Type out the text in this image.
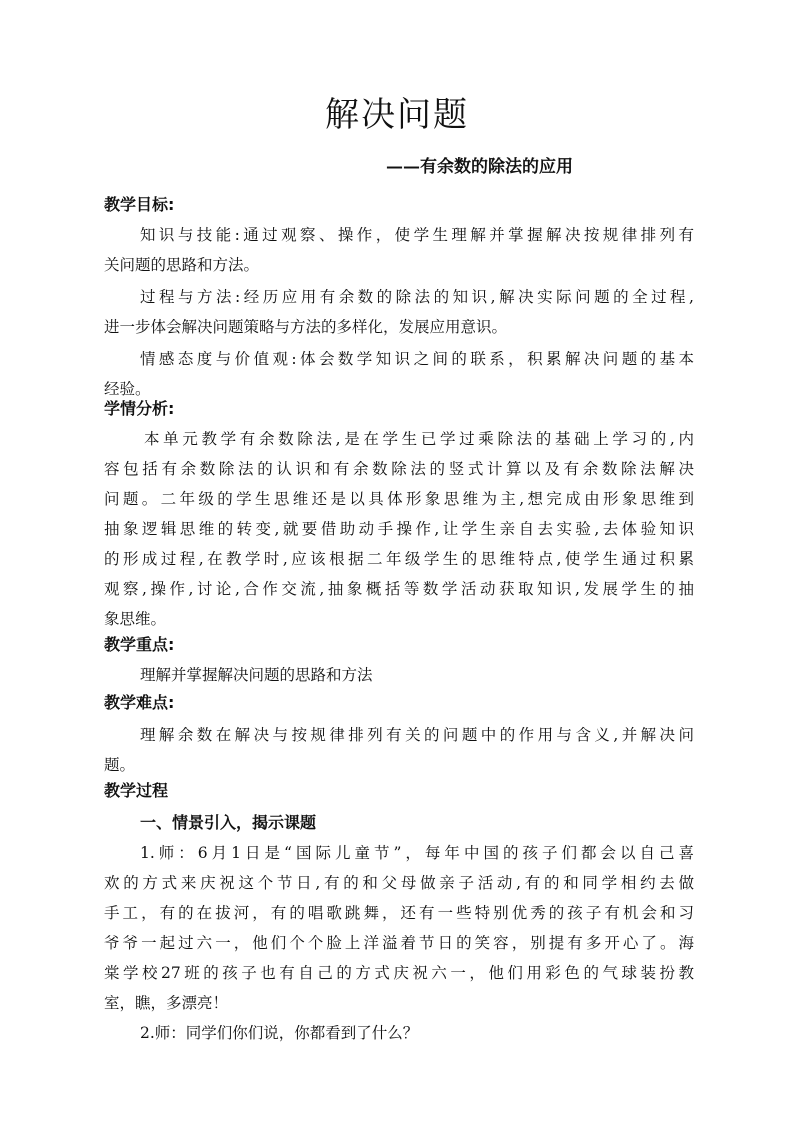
解决问题
——有余数的除法的应用
教学目标:
知识与技能:通过观察、操作，使学生理解并掌握解决按规律排列有
关问题的思路和方法。
过程与方法:经历应用有余数的除法的知识,解决实际问题的全过程,
进一步体会解决问题策略与方法的多样化，发展应用意识。
情感态度与价值观:体会数学知识之间的联系，积累解决问题的基本
经验。
学情分析:
本单元教学有余数除法,是在学生已学过乘除法的基础上学习的,内
容包括有余数除法的认识和有余数除法的竖式计算以及有余数除法解决
问题。二年级的学生思维还是以具体形象思维为主,想完成由形象思维到
抽象逻辑思维的转变,就要借助动手操作,让学生亲自去实验,去体验知识
的形成过程,在教学时,应该根据二年级学生的思维特点,使学生通过积累
观察,操作,讨论,合作交流,抽象概括等数学活动获取知识,发展学生的抽
象思维。
教学重点:
理解并掌握解决问题的思路和方法
教学难点:
理解余数在解决与按规律排列有关的问题中的作用与含义,并解决问
题。
教学过程
一、情景引入，揭示课题
1.师：6月1日是“国际儿童节”，每年中国的孩子们都会以自己喜
欢的方式来庆祝这个节日,有的和父母做亲子活动,有的和同学相约去做
手工，有的在拔河，有的唱歌跳舞，还有一些特别优秀的孩子有机会和习
爷爷一起过六一，他们个个脸上洋溢着节日的笑容，别提有多开心了。海
棠学校27班的孩子也有自己的方式庆祝六一，他们用彩色的气球装扮教
室，瞧，多漂亮！
2.师：同学们你们说，你都看到了什么？
